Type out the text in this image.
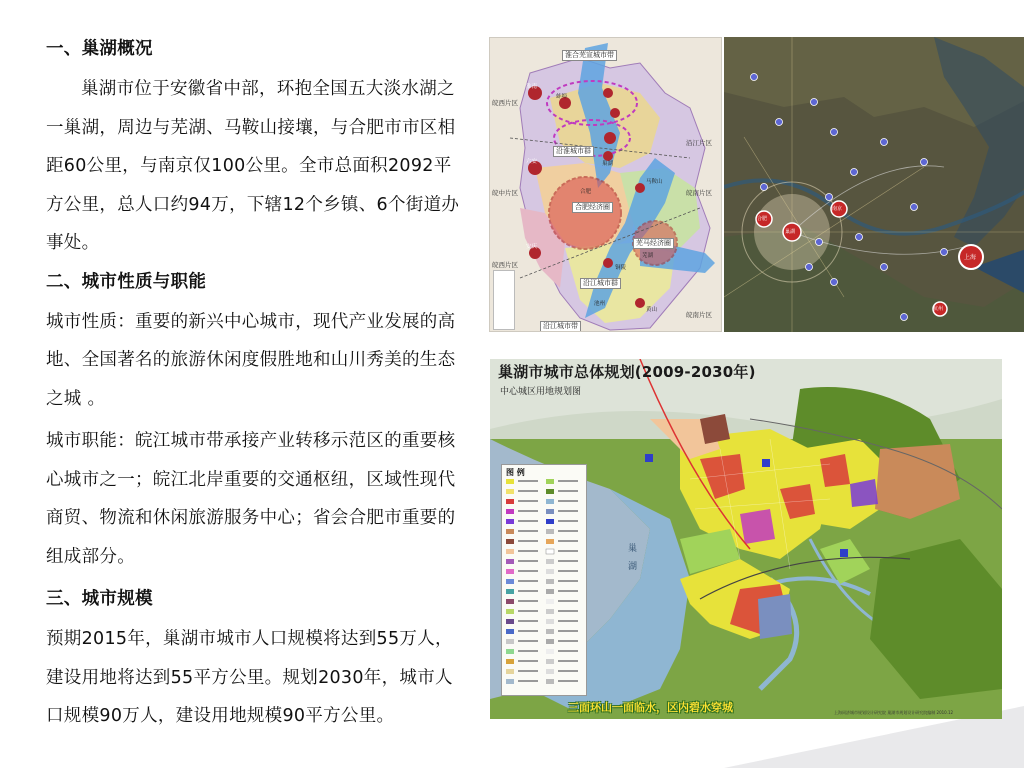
一、巢湖概况
巢湖市位于安徽省中部，环抱全国五大淡水湖之一巢湖，周边与芜湖、马鞍山接壤，与合肥市市区相距60公里，与南京仅100公里。全市总面积2092平方公里，总人口约94万，下辖12个乡镇、6个街道办事处。
二、城市性质与职能
城市性质：重要的新兴中心城市，现代产业发展的高地、全国著名的旅游休闲度假胜地和山川秀美的生态之城 。
城市职能：皖江城市带承接产业转移示范区的重要核心城市之一；皖江北岸重要的交通枢纽，区域性现代商贸、物流和休闲旅游服务中心；省会合肥市重要的组成部分。
三、城市规模
预期2015年，巢湖市城市人口规模将达到55万人，建设用地将达到55平方公里。规划2030年，城市人口规模90万人，建设用地规模90平方公里。
淮合芜宣城市带
沿淮城市群
合肥经济圈
芜马经济圈
沿江城市群
沿江城市带
皖西片区
皖中片区
皖西片区
沿江片区
皖南片区
皖南片区
淮南
蚌埠
六安
合肥
巢湖
马鞍山
芜湖
安庆
铜陵
池州
黄山
合肥
巢湖
南京
上海
杭州
巢湖市城市总体规划(2009-2030年)
中心城区用地规划图
图 例
巢
湖
三面环山一面临水，区内碧水穿城	上海同济城市规划设计研究院 巢湖市规划设计研究院编制 2010.12
